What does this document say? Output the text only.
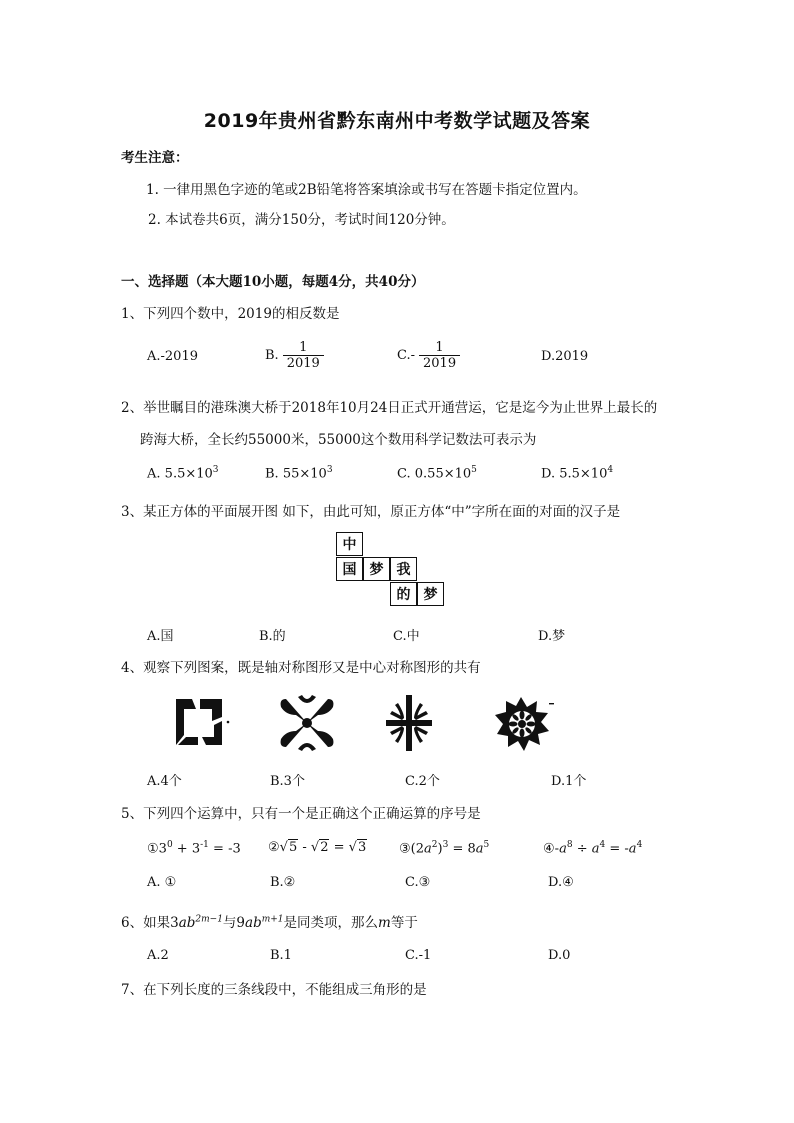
2019年贵州省黔东南州中考数学试题及答案
考生注意：
1. 一律用黑色字迹的笔或2B铅笔将答案填涂或书写在答题卡指定位置内。
2. 本试卷共6页，满分150分，考试时间120分钟。
一、选择题（本大题10小题，每题4分，共40分）
1、下列四个数中，2019的相反数是
A.-2019	B. $\frac{1}{2019}$	$C.- \frac{1}{2019}$	D.2019
2、举世瞩目的港珠澳大桥于2018年10月24日正式开通营运，它是迄今为止世界上最长的
跨海大桥，全长约55000米，55000这个数用科学记数法可表示为
A. $5.5\times 10^3$	B. $55\times 10^3$	C. $0.55\times 10^5$	D. $5.5\times 10^4$
3、某正方体的平面展开图 如下，由此可知，原正方体“中”字所在面的对面的汉子是
中
国 梦 我
的 梦
A.国	B.的	C.中	D.梦
4、观察下列图案，既是轴对称图形又是中心对称图形的共有
A.4个	B.3个	C.2个	D.1个
5、下列四个运算中，只有一个是正确这个正确运算的序号是
$①3^0 + 3^{-1} = -3$ ②√5 - √2 = √3	$③(2a^2)^3 = 8a^5$	$④-a^8 \div a^4 = -a^4$
A. ①	B.②	C.③	D.④
6、如果$3ab^{2m-1}$与$9ab^{m+1}$是同类项，那么m等于
A.2	B.1	C.-1	D.0
7、在下列长度的三条线段中，不能组成三角形的是
